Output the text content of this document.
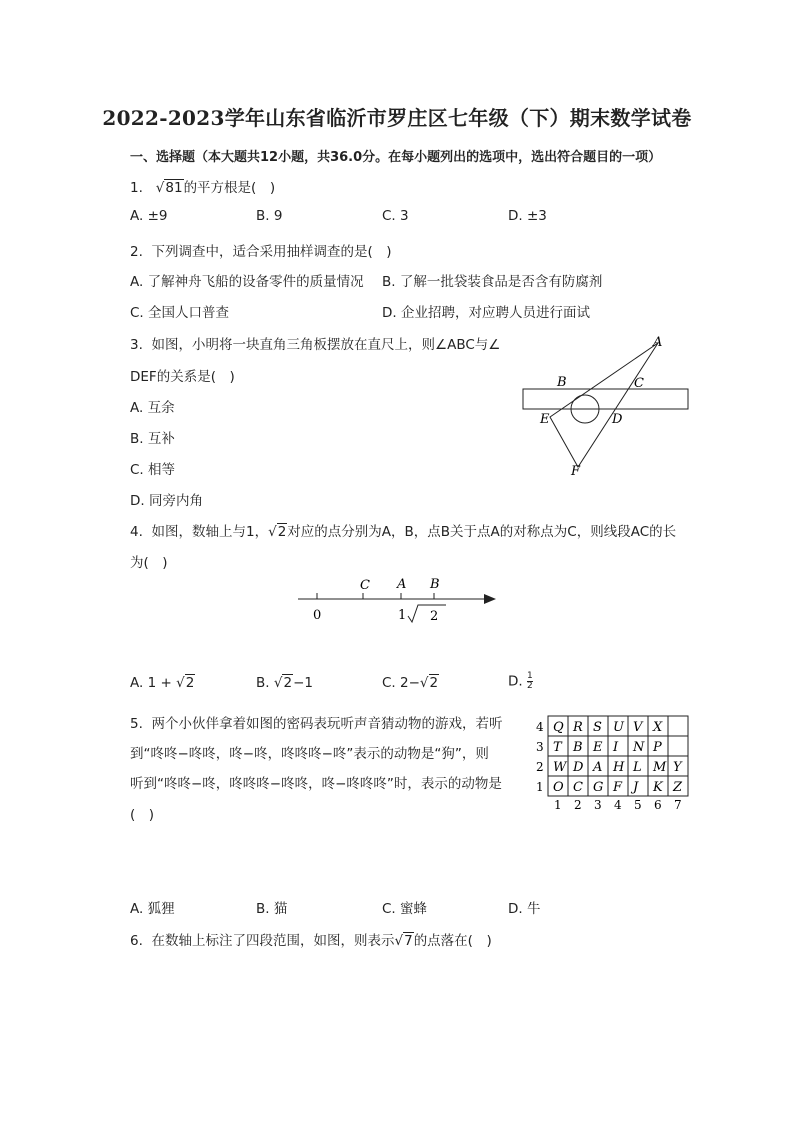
2022-2023学年山东省临沂市罗庄区七年级（下）期末数学试卷
一、选择题（本大题共12小题，共36.0分。在每小题列出的选项中，选出符合题目的一项）
1. √81的平方根是(　)
A. ±9	B. 9	C. 3	D. ±3
2. 下列调查中，适合采用抽样调查的是(　)
A. 了解神舟飞船的设备零件的质量情况 B. 了解一批袋装食品是否含有防腐剂
C. 全国人口普查	D. 企业招聘，对应聘人员进行面试
3. 如图，小明将一块直角三角板摆放在直尺上，则∠ABC与∠
DEF的关系是(　)
A. 互余
B. 互补
C. 相等
D. 同旁内角
A
B	C
D
E
F
4. 如图，数轴上与1，√2对应的点分别为A，B，点B关于点A的对称点为C，则线段AC的长
为(　)
C A B
0	1 2
A. 1 + √2	B. √2−1	C. 2−√2	D. $\frac{1}{2}$
5. 两个小伙伴拿着如图的密码表玩听声音猜动物的游戏，若听
到“咚咚−咚咚，咚−咚，咚咚咚−咚”表示的动物是“狗”，则
听到“咚咚−咚，咚咚咚−咚咚，咚−咚咚咚”时，表示的动物是
(　)
Q R S U V X
4
T B E I N P
3
W D A H L M Y
2
O C G F J K Z
1
1 2 3 4 5 6 7
A. 狐狸	B. 猫	C. 蜜蜂	D. 牛
6. 在数轴上标注了四段范围，如图，则表示√7的点落在(　)
